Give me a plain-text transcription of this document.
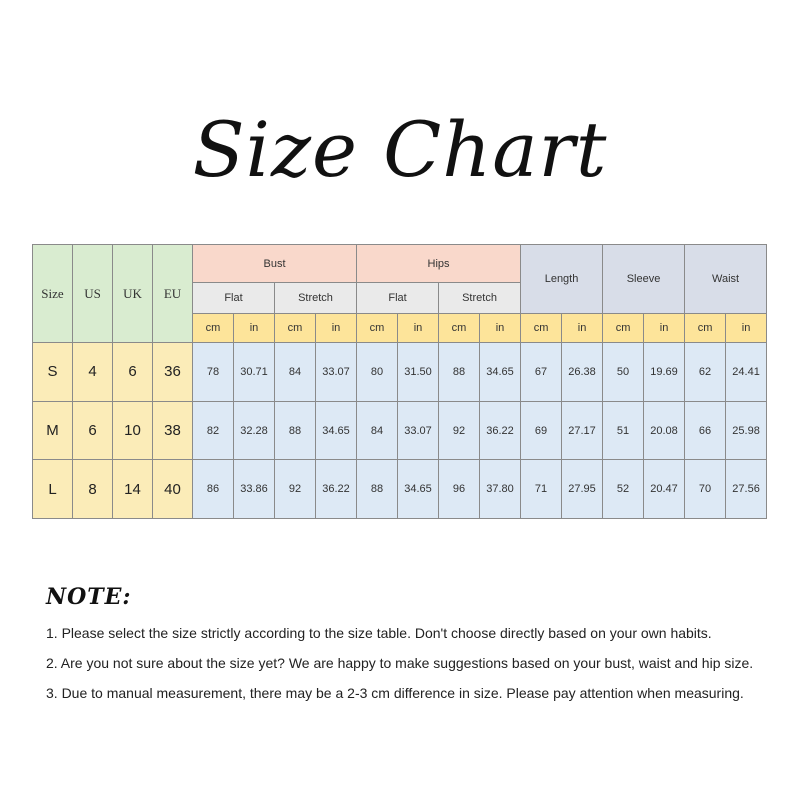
Size Chart
Size	US	UK	EU	Bust				Hips				Length		Sleeve		Waist	
				Flat		Stretch		Flat		Stretch							
				cm	in	cm	in	cm	in	cm	in	cm	in	cm	in	cm	in
S	4	6	36	78	30.71	84	33.07	80	31.50	88	34.65	67	26.38	50	19.69	62	24.41
M	6	10	38	82	32.28	88	34.65	84	33.07	92	36.22	69	27.17	51	20.08	66	25.98
L	8	14	40	86	33.86	92	36.22	88	34.65	96	37.80	71	27.95	52	20.47	70	27.56
NOTE:
1. Please select the size strictly according to the size table. Don't choose directly based on your own habits.
2. Are you not sure about the size yet? We are happy to make suggestions based on your bust, waist and hip size.
3. Due to manual measurement, there may be a 2-3 cm difference in size. Please pay attention when measuring.
